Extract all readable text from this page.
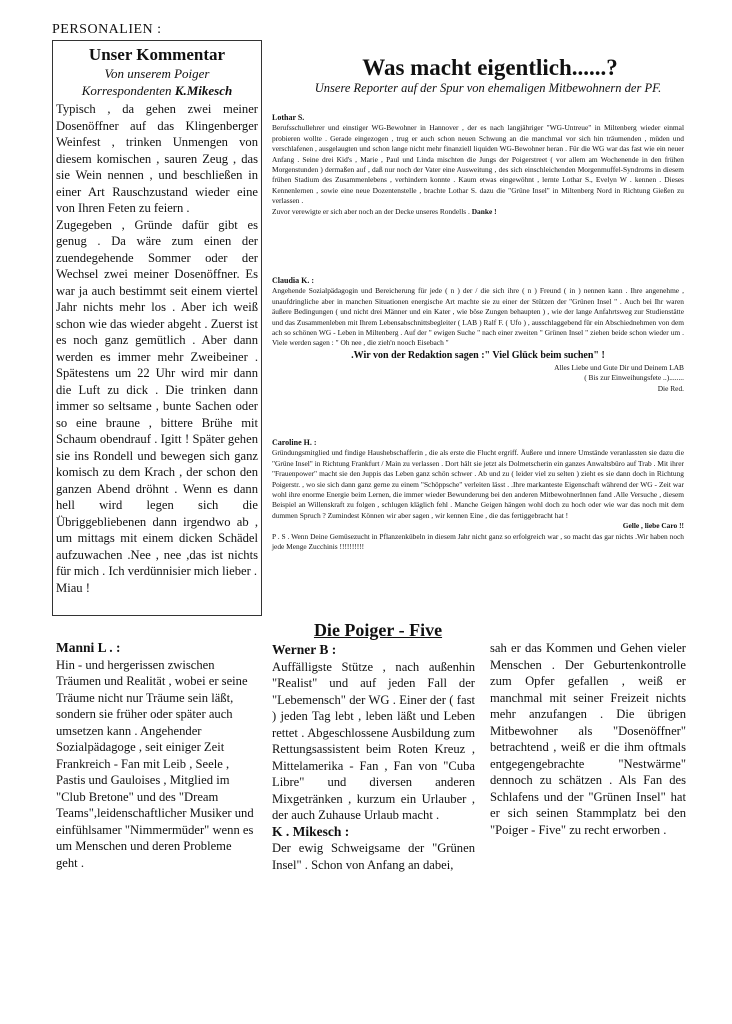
PERSONALIEN :
Unser Kommentar
Von unserem Poiger
Korrespondenten K.Mikesch

Typisch , da gehen zwei meiner Dosenöffner auf das Klingenberger Weinfest , trinken Unmengen von diesem komischen , sauren Zeug , das sie Wein nennen , und beschließen in einer Art Rauschzustand wieder eine von Ihren Feten zu feiern .

Zugegeben , Gründe dafür gibt es genug . Da wäre zum einen der zuendegehende Sommer oder der Wechsel zwei meiner Dosenöffner. Es war ja auch bestimmt seit einem viertel Jahr nichts mehr los . Aber ich weiß schon wie das wieder abgeht . Zuerst ist es noch ganz gemütlich . Aber dann werden es immer mehr Zweibeiner . Spätestens um 22 Uhr wird mir dann die Luft zu dick . Die trinken dann immer so seltsame , bunte Sachen oder so eine braune , bittere Brühe mit Schaum obendrauf . Igitt ! Später gehen sie ins Rondell und bewegen sich ganz komisch zu dem Krach , der schon den ganzen Abend dröhnt . Wenn es dann hell wird legen sich die Übriggebliebenen dann irgendwo ab , um mittags mit einem dicken Schädel aufzuwachen .Nee , nee ,das ist nichts für mich . Ich verdünnisier mich lieber .

Miau !

Was macht eigentlich......?
Unsere Reporter auf der Spur von ehemaligen Mitbewohnern der PF.

Lothar S.

Berufsschullehrer und einstiger WG-Bewohner in Hannover , der es nach langjähriger "WG-Untreue" in Miltenberg wieder einmal probieren wollte . Gerade eingezogen , trug er auch schon neuen Schwung an die manchmal vor sich hin träumenden , müden und verschlafenen , ausgelaugten und schon lange nicht mehr finanziell liquiden WG-Bewohner heran . Für die WG war das fast wie ein neuer Anfang . Seine drei Kid's , Marie , Paul und Linda mischten die Jungs der Poigerstreet ( vor allem am Wochenende in den frühen Morgenstunden ) dermaßen auf , daß nur noch der Vater eine Ausweitung , des sich einschleichenden Morgenmuffel-Syndroms in diesem frühen Stadium des Zusammenlebens , verhindern konnte . Kaum etwas eingewöhnt , lernte Lothar S., Evelyn W . kennen . Dieses Kennenlernen , sowie eine neue Dozentenstelle , brachte Lothar S. dazu die "Grüne Insel" in Miltenberg Nord in Richtung Gießen zu verlassen .

Zuvor verewigte er sich aber noch an der Decke unseres Rondells . Danke !

Claudia K. :

Angehende Sozialpädagogin und Bereicherung für jede ( n ) der / die sich ihre ( n ) Freund ( in ) nennen kann . Ihre angenehme , unaufdringliche aber in manchen Situationen energische Art machte sie zu einer der Stützen der "Grünen Insel " . Auch bei Ihr waren äußere Bedingungen ( und nicht drei Männer und ein Kater , wie böse Zungen behaupten ) , wie der lange Anfahrtsweg zur Studienstätte und das Zusammenleben mit Ihrem Lebensabschnittsbegleiter ( LAB ) Ralf F. ( Ufo ) , ausschlaggebend für ein Abschiednehmen von dem ach so schönen WG - Leben in Miltenberg . Auf der " ewigen Suche " nach einer zweiten " Grünen Insel " ziehen beide schon wieder um . Viele werden sagen : " Oh nee , die zieh'n nooch Eisebach "

.Wir von der Redaktion sagen :" Viel Glück beim suchen" !

Alles Liebe und Gute Dir und Deinem LAB

( Bis zur Einweihungsfete ..)........

Die Red.

Caroline H. :

Gründungsmitglied und findige Haushebschafferin , die als erste die Flucht ergriff. Äußere und innere Umstände veranlassten sie dazu die "Grüne Insel" in Richtung Frankfurt / Main zu verlassen . Dort hält sie jetzt als Dolmetscherin ein ganzes Anwaltsbüro auf Trab . Mit ihrer "Frauenpower" macht sie den Juppis das Leben ganz schön schwer . Ab und zu ( leider viel zu selten ) zieht es sie dann doch in Richtung Poigerstr. , wo sie sich dann ganz gerne zu einem "Schöppsche" verleiten lässt . .Ihre markanteste Eigenschaft während der WG - Zeit war wohl ihre enorme Energie beim Lernen, die immer wieder Bewunderung bei den anderen MitbewohnerInnen fand .Alle Versuche , diesem Beispiel an Willenskraft zu folgen , schlugen kläglich fehl . Manche Geigen hängen wohl doch zu hoch oder wie war das noch mit dem dummen Spruch ? Zumindest Können wir aber sagen , wir kennen Eine , die das fertiggebracht hat !

Gelle , liebe Caro !!

P . S . Wenn Deine Gemüsezucht in Pflanzenkübeln in diesem Jahr nicht ganz so erfolgreich war , so macht das gar nichts .Wir haben noch jede Menge Zucchinis !!!!!!!!!!

Manni L . :
Hin - und hergerissen zwischen Träumen und Realität , wobei er seine Träume nicht nur Träume sein läßt, sondern sie früher oder später auch umsetzen kann . Angehender Sozialpädagoge , seit einiger Zeit Frankreich - Fan mit Leib , Seele , Pastis und Gauloises , Mitglied im "Club Bretone" und des "Dream Teams",leidenschaftlicher Musiker und einfühlsamer "Nimmermüder" wenn es um Menschen und deren Probleme geht .
Die Poiger - Five
Werner B :
Auffälligste Stütze , nach außenhin "Realist" und auf jeden Fall der "Lebemensch" der WG . Einer der ( fast ) jeden Tag lebt , leben läßt und Leben rettet . Abgeschlossene Ausbildung zum Rettungsassistent beim Roten Kreuz , Mittelamerika - Fan , Fan von "Cuba Libre" und diversen anderen Mixgetränken , kurzum ein Urlauber , der auch Zuhause Urlaub macht .
K . Mikesch :
Der ewig Schweigsame der "Grünen Insel" . Schon von Anfang an dabei,
sah er das Kommen und Gehen vieler Menschen . Der Geburtenkontrolle zum Opfer gefallen , weiß er manchmal mit seiner Freizeit nichts mehr anzufangen . Die übrigen Mitbewohner als "Dosenöffner" betrachtend , weiß er die ihm oftmals entgegengebrachte "Nestwärme" dennoch zu schätzen . Als Fan des Schlafens und der "Grünen Insel" hat er sich seinen Stammplatz bei den "Poiger - Five" zu recht erworben .
